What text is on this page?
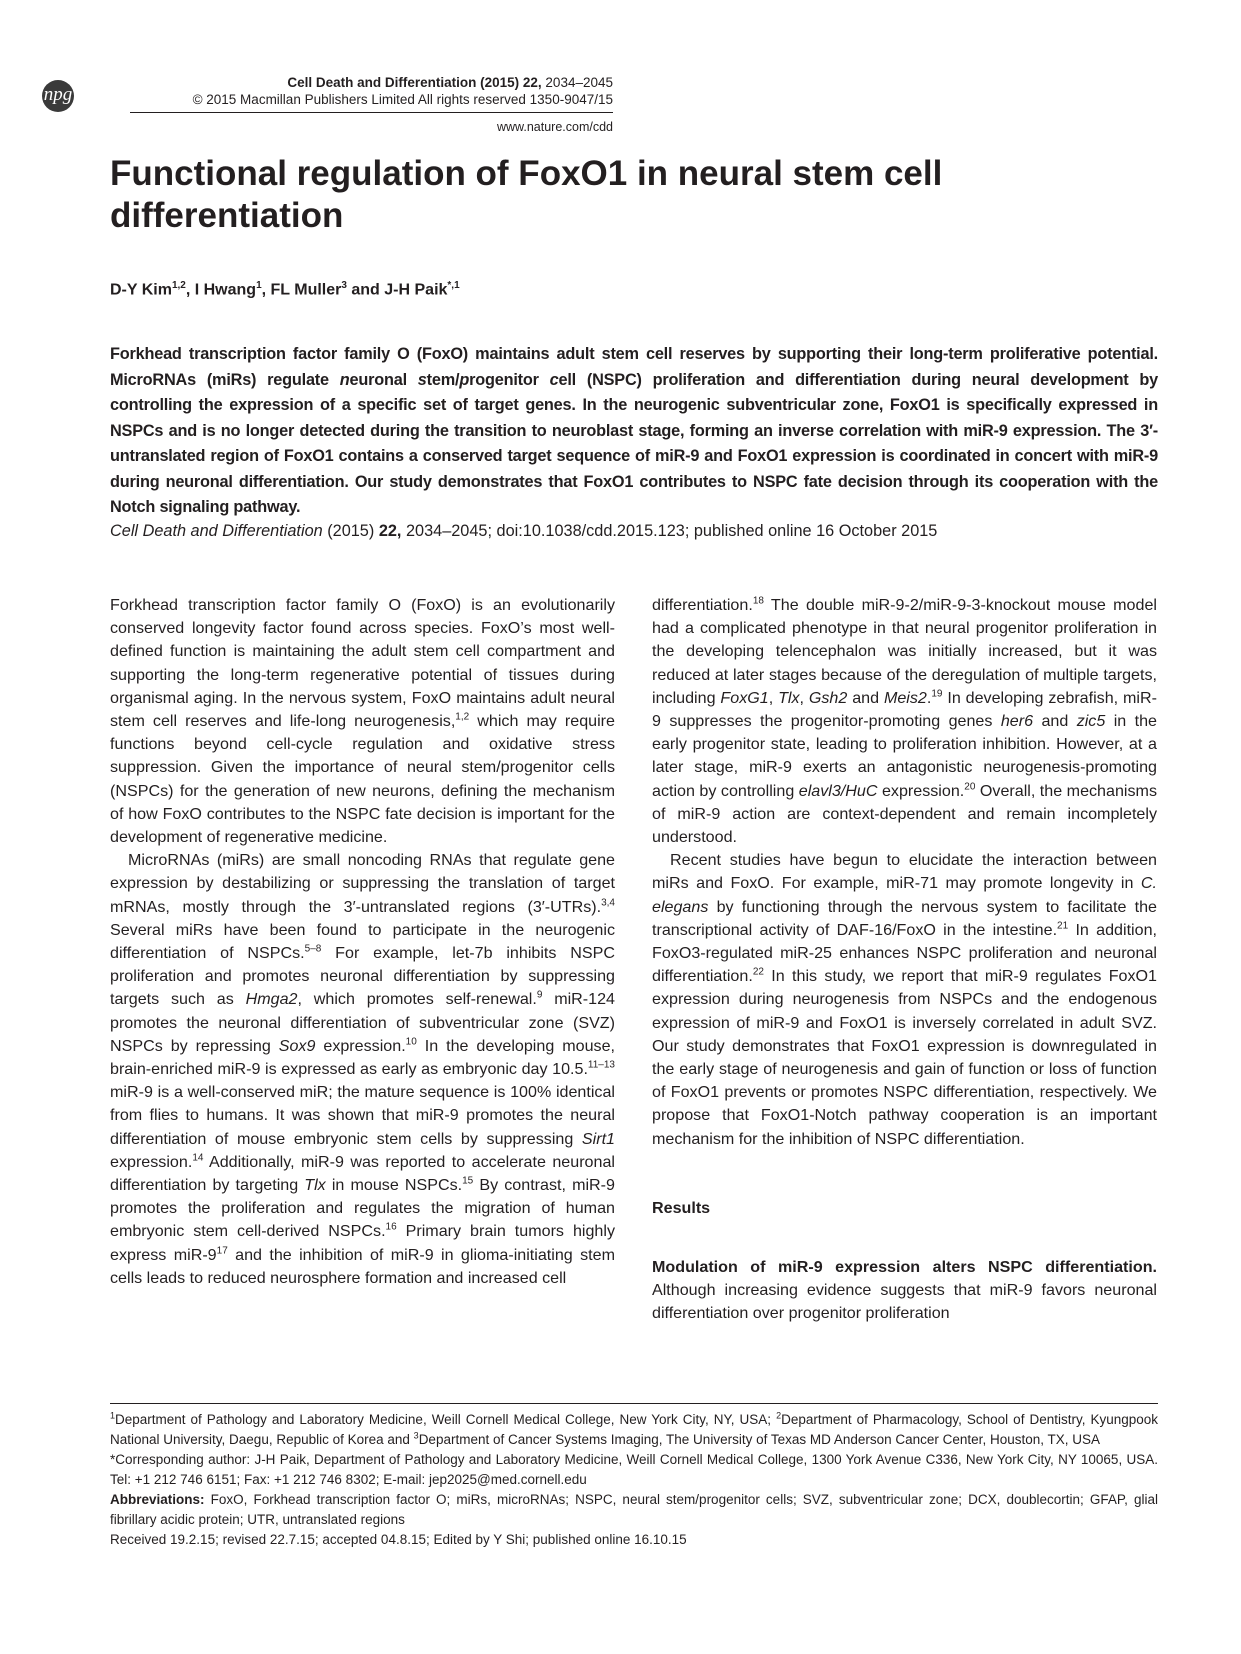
npg
Cell Death and Differentiation (2015) 22, 2034–2045
© 2015 Macmillan Publishers Limited All rights reserved 1350-9047/15
www.nature.com/cdd
Functional regulation of FoxO1 in neural stem cell differentiation
D-Y Kim$^{1,2}$, I Hwang$^1$, FL Muller$^3$ and J-H Paik$^{*,1}$

Forkhead transcription factor family O (FoxO) maintains adult stem cell reserves by supporting their long-term proliferative potential. MicroRNAs (miRs) regulate neuronal stem/progenitor cell (NSPC) proliferation and differentiation during neural development by controlling the expression of a specific set of target genes. In the neurogenic subventricular zone, FoxO1 is specifically expressed in NSPCs and is no longer detected during the transition to neuroblast stage, forming an inverse correlation with miR-9 expression. The 3′-untranslated region of FoxO1 contains a conserved target sequence of miR-9 and FoxO1 expression is coordinated in concert with miR-9 during neuronal differentiation. Our study demonstrates that FoxO1 contributes to NSPC fate decision through its cooperation with the Notch signaling pathway.

Cell Death and Differentiation (2015) 22, 2034–2045; doi:10.1038/cdd.2015.123; published online 16 October 2015

Forkhead transcription factor family O (FoxO) is an evolutionarily conserved longevity factor found across species. FoxO’s most well-defined function is maintaining the adult stem cell compartment and supporting the long-term regenerative potential of tissues during organismal aging. In the nervous system, FoxO maintains adult neural stem cell reserves and life-long neurogenesis,$^{1,2}$ which may require functions beyond cell-cycle regulation and oxidative stress suppression. Given the importance of neural stem/progenitor cells (NSPCs) for the generation of new neurons, defining the mechanism of how FoxO contributes to the NSPC fate decision is important for the development of regenerative medicine.

MicroRNAs (miRs) are small noncoding RNAs that regulate gene expression by destabilizing or suppressing the translation of target mRNAs, mostly through the 3′-untranslated regions (3′-UTRs).$^{3,4}$ Several miRs have been found to participate in the neurogenic differentiation of NSPCs.$^{5-8}$ For example, let-7b inhibits NSPC proliferation and promotes neuronal differentiation by suppressing targets such as Hmga2, which promotes self-renewal.$^9$ miR-124 promotes the neuronal differentiation of subventricular zone (SVZ) NSPCs by repressing Sox9 expression.$^{10}$ In the developing mouse, brain-enriched miR-9 is expressed as early as embryonic day 10.5.$^{11-13}$ miR-9 is a well-conserved miR; the mature sequence is 100% identical from flies to humans. It was shown that miR-9 promotes the neural differentiation of mouse embryonic stem cells by suppressing Sirt1 expression.$^{14}$ Additionally, miR-9 was reported to accelerate neuronal differentiation by targeting Tlx in mouse NSPCs.$^{15}$ By contrast, miR-9 promotes the proliferation and regulates the migration of human embryonic stem cell-derived NSPCs.$^{16}$ Primary brain tumors highly express miR-$9^{17}$ and the inhibition of miR-9 in glioma-initiating stem cells leads to reduced neurosphere formation and increased cell

differentiation.$^{18}$ The double miR-9-2/miR-9-3-knockout mouse model had a complicated phenotype in that neural progenitor proliferation in the developing telencephalon was initially increased, but it was reduced at later stages because of the deregulation of multiple targets, including FoxG1, Tlx, Gsh2 and Meis2.19 In developing zebrafish, miR-9 suppresses the progenitor-promoting genes her6 and zic5 in the early progenitor state, leading to proliferation inhibition. However, at a later stage, miR-9 exerts an antagonistic neurogenesis-promoting action by controlling elavl3/HuC expression.$^{20}$ Overall, the mechanisms of miR-9 action are context-dependent and remain incompletely understood.

Recent studies have begun to elucidate the interaction between miRs and FoxO. For example, miR-71 may promote longevity in C. elegans by functioning through the nervous system to facilitate the transcriptional activity of DAF-16/FoxO in the intestine.$^{21}$ In addition, FoxO3-regulated miR-25 enhances NSPC proliferation and neuronal differentiation.$^{22}$ In this study, we report that miR-9 regulates FoxO1 expression during neurogenesis from NSPCs and the endogenous expression of miR-9 and FoxO1 is inversely correlated in adult SVZ. Our study demonstrates that FoxO1 expression is downregulated in the early stage of neurogenesis and gain of function or loss of function of FoxO1 prevents or promotes NSPC differentiation, respectively. We propose that FoxO1-Notch pathway cooperation is an important mechanism for the inhibition of NSPC differentiation.

Results

Modulation of miR-9 expression alters NSPC differentiation. Although increasing evidence suggests that miR-9 favors neuronal differentiation over progenitor proliferation

$^1$Department of Pathology and Laboratory Medicine, Weill Cornell Medical College, New York City, NY, USA; $^2$Department of Pharmacology, School of Dentistry, Kyungpook National University, Daegu, Republic of Korea and $^3$Department of Cancer Systems Imaging, The University of Texas MD Anderson Cancer Center, Houston, TX, USA

*Corresponding author: J-H Paik, Department of Pathology and Laboratory Medicine, Weill Cornell Medical College, 1300 York Avenue C336, New York City, NY 10065, USA. Tel: +1 212 746 6151; Fax: +1 212 746 8302; E-mail: jep2025@med.cornell.edu

Abbreviations: FoxO, Forkhead transcription factor O; miRs, microRNAs; NSPC, neural stem/progenitor cells; SVZ, subventricular zone; DCX, doublecortin; GFAP, glial fibrillary acidic protein; UTR, untranslated regions

Received 19.2.15; revised 22.7.15; accepted 04.8.15; Edited by Y Shi; published online 16.10.15
